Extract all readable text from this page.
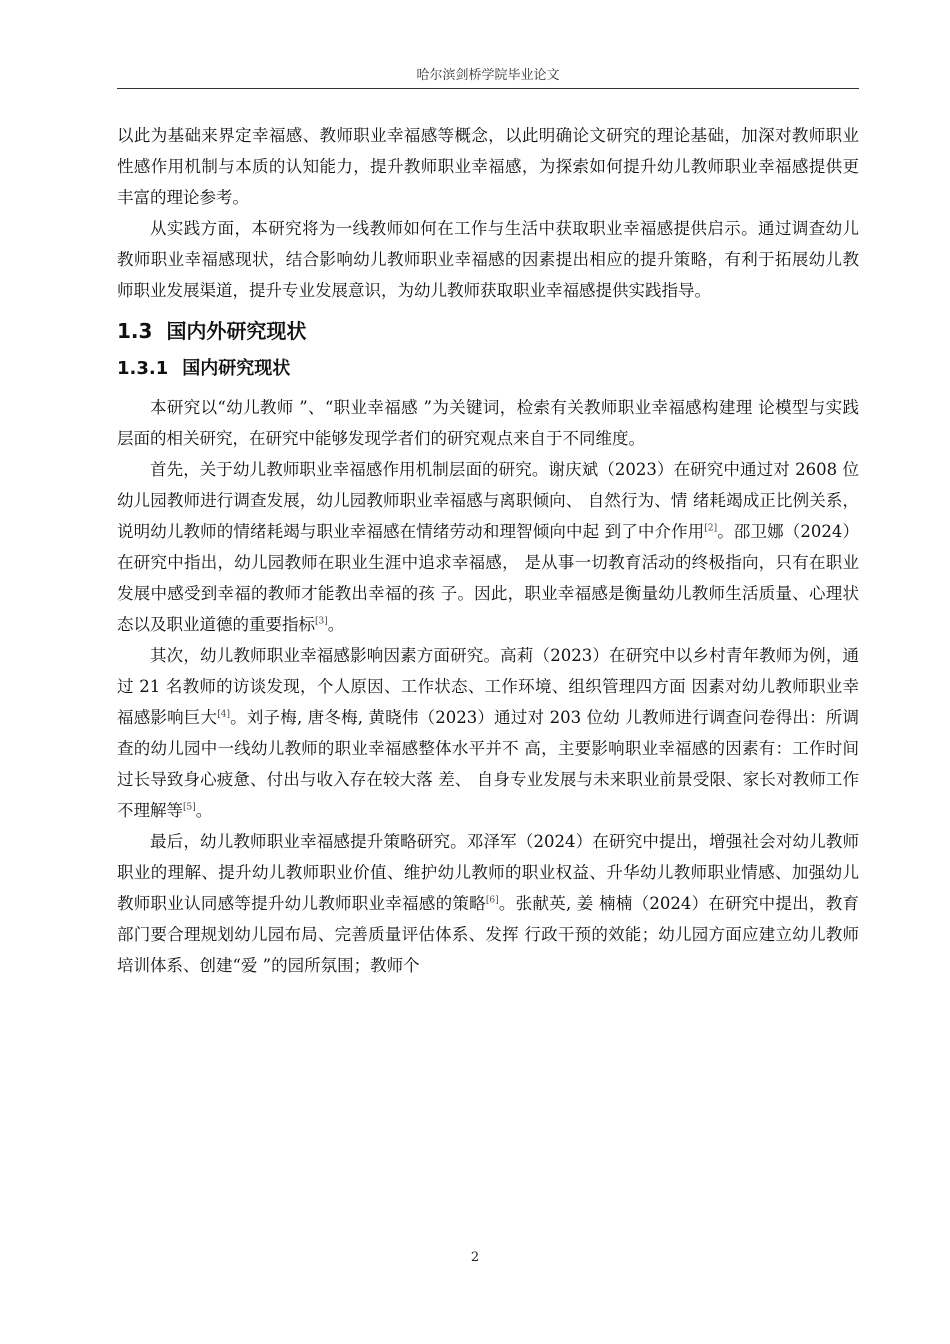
哈尔滨剑桥学院毕业论文

以此为基础来界定幸福感、教师职业幸福感等概念，以此明确论文研究的理论基础，加深对教师职业性感作用机制与本质的认知能力，提升教师职业幸福感，为探索如何提升幼儿教师职业幸福感提供更丰富的理论参考。

从实践方面，本研究将为一线教师如何在工作与生活中获取职业幸福感提供启示。通过调查幼儿教师职业幸福感现状，结合影响幼儿教师职业幸福感的因素提出相应的提升策略，有利于拓展幼儿教师职业发展渠道，提升专业发展意识，为幼儿教师获取职业幸福感提供实践指导。

1.3 国内外研究现状
1.3.1 国内研究现状

本研究以“幼儿教师 ”、“职业幸福感 ”为关键词，检索有关教师职业幸福感构建理 论模型与实践层面的相关研究，在研究中能够发现学者们的研究观点来自于不同维度。

首先，关于幼儿教师职业幸福感作用机制层面的研究。谢庆斌（2023）在研究中通过对 2608 位幼儿园教师进行调查发展，幼儿园教师职业幸福感与离职倾向、 自然行为、情 绪耗竭成正比例关系，说明幼儿教师的情绪耗竭与职业幸福感在情绪劳动和理智倾向中起 到了中介作用[2]。邵卫娜（2024）在研究中指出，幼儿园教师在职业生涯中追求幸福感， 是从事一切教育活动的终极指向，只有在职业发展中感受到幸福的教师才能教出幸福的孩 子。因此，职业幸福感是衡量幼儿教师生活质量、心理状态以及职业道德的重要指标[3]。

其次，幼儿教师职业幸福感影响因素方面研究。高莉（2023）在研究中以乡村青年教师为例，通过 21 名教师的访谈发现，个人原因、工作状态、工作环境、组织管理四方面 因素对幼儿教师职业幸福感影响巨大[4]。刘子梅, 唐冬梅, 黄晓伟（2023）通过对 203 位幼 儿教师进行调查问卷得出：所调查的幼儿园中一线幼儿教师的职业幸福感整体水平并不 高，主要影响职业幸福感的因素有：工作时间过长导致身心疲惫、付出与收入存在较大落 差、 自身专业发展与未来职业前景受限、家长对教师工作不理解等[5]。

最后，幼儿教师职业幸福感提升策略研究。邓泽军（2024）在研究中提出，增强社会对幼儿教师职业的理解、提升幼儿教师职业价值、维护幼儿教师的职业权益、升华幼儿教师职业情感、加强幼儿教师职业认同感等提升幼儿教师职业幸福感的策略[6]。张献英, 姜 楠楠（2024）在研究中提出，教育部门要合理规划幼儿园布局、完善质量评估体系、发挥 行政干预的效能；幼儿园方面应建立幼儿教师培训体系、创建“爱 ”的园所氛围；教师个

2
